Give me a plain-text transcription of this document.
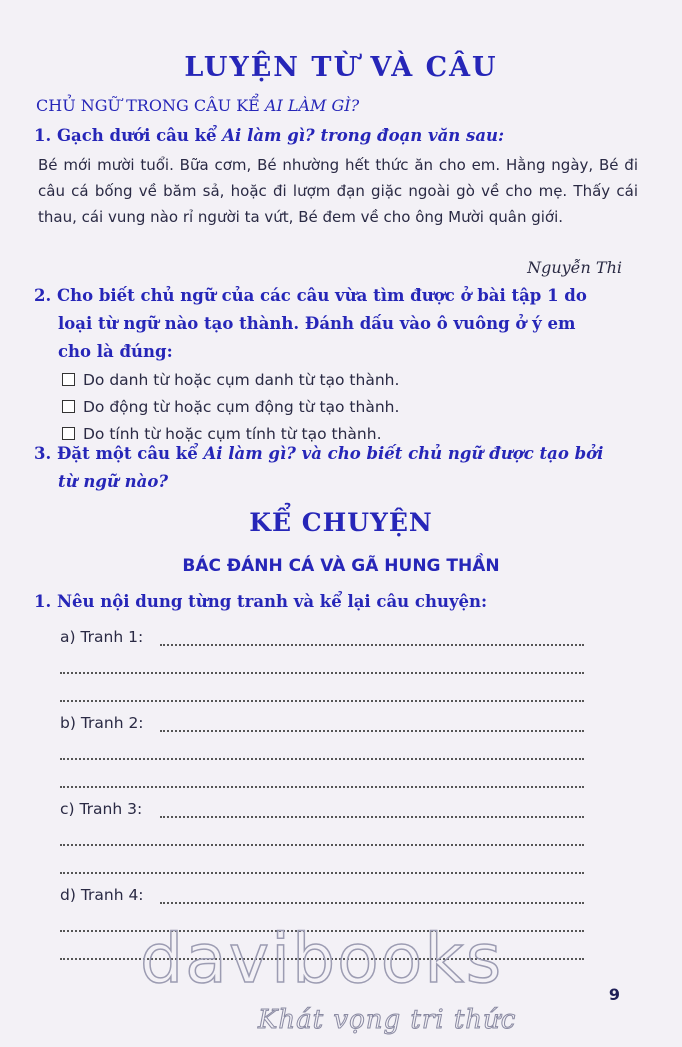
LUYỆN TỪ VÀ CÂU
CHỦ NGỮ TRONG CÂU KỂ AI LÀM GÌ?
1. Gạch dưới câu kể Ai làm gì? trong đoạn văn sau:
Bé mới mười tuổi. Bữa cơm, Bé nhường hết thức ăn cho em. Hằng ngày, Bé đi câu cá bống về băm sả, hoặc đi lượm đạn giặc ngoài gò về cho mẹ. Thấy cái thau, cái vung nào rỉ người ta vứt, Bé đem về cho ông Mười quân giới.
Nguyễn Thi
2. Cho biết chủ ngữ của các câu vừa tìm được ở bài tập 1 do
loại từ ngữ nào tạo thành. Đánh dấu vào ô vuông ở ý em
cho là đúng:
Do danh từ hoặc cụm danh từ tạo thành.
Do động từ hoặc cụm động từ tạo thành.
Do tính từ hoặc cụm tính từ tạo thành.
3. Đặt một câu kể Ai làm gì? và cho biết chủ ngữ được tạo bởi
từ ngữ nào?
KỂ CHUYỆN
BÁC ĐÁNH CÁ VÀ GÃ HUNG THẦN
1. Nêu nội dung từng tranh và kể lại câu chuyện:
a) Tranh 1:
b) Tranh 2:
c) Tranh 3:
d) Tranh 4:
9
davibooks
Khát vọng tri thức
